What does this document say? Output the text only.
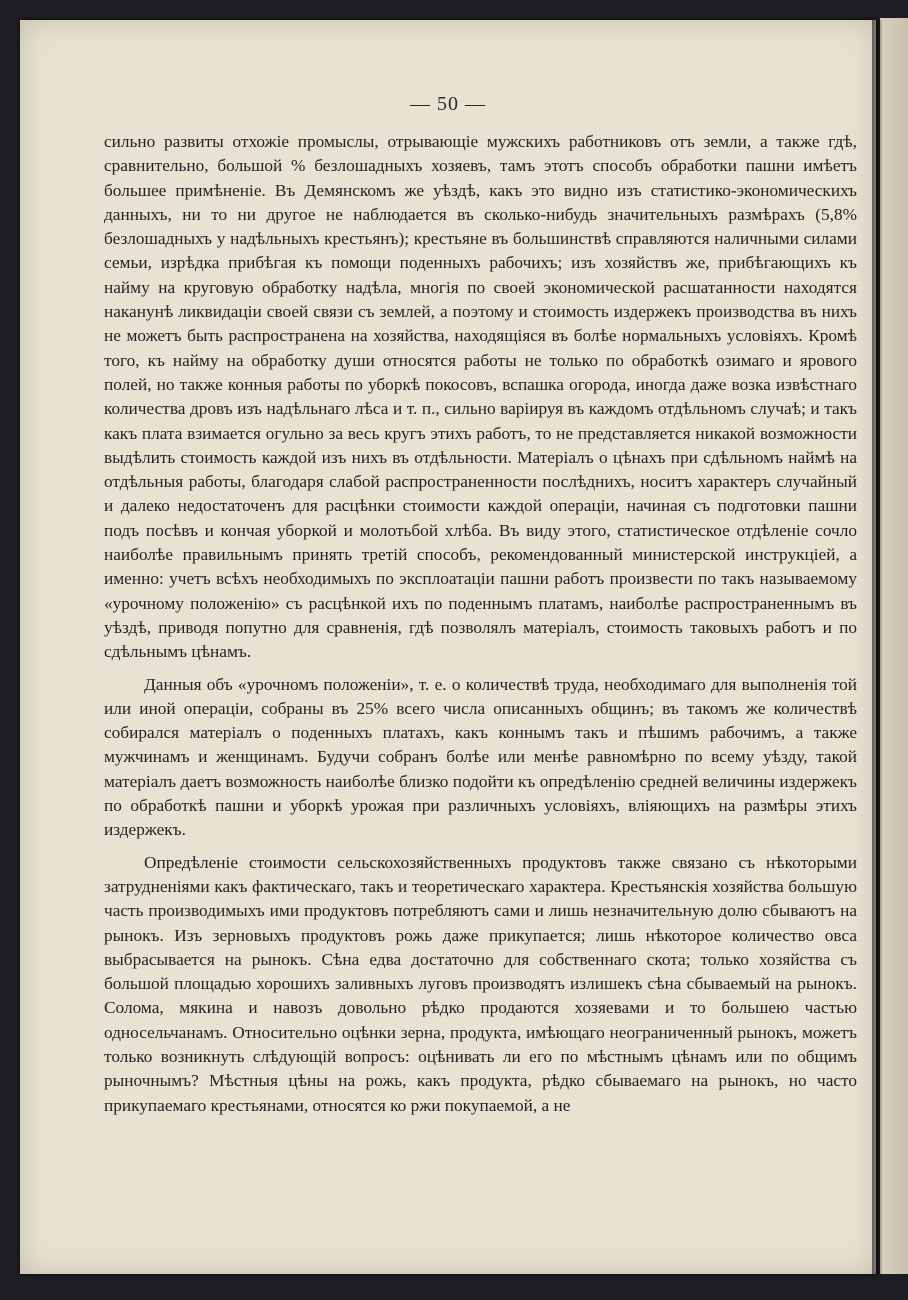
— 50 —

сильно развиты отхожіе промыслы, отрывающіе мужскихъ работниковъ отъ земли, а также гдѣ, сравнительно, большой % безлошадныхъ хозяевъ, тамъ этотъ способъ обработки пашни имѣетъ большее примѣненіе. Въ Демянскомъ же уѣздѣ, какъ это видно изъ статистико-экономическихъ данныхъ, ни то ни другое не наблюдается въ сколько-нибудь значительныхъ размѣрахъ (5,8% безлошадныхъ у надѣльныхъ крестьянъ); крестьяне въ большинствѣ справляются наличными силами семьи, изрѣдка прибѣгая къ помощи поденныхъ рабочихъ; изъ хозяйствъ же, прибѣгающихъ къ найму на круговую обработку надѣла, многія по своей экономической расшатанности находятся наканунѣ ликвидаціи своей связи съ землей, а поэтому и стоимость издержекъ производства въ нихъ не можетъ быть распространена на хозяйства, находящіяся въ болѣе нормальныхъ условіяхъ. Кромѣ того, къ найму на обработку души относятся работы не только по обработкѣ озимаго и ярового полей, но также конныя работы по уборкѣ покосовъ, вспашка огорода, иногда даже возка извѣстнаго количества дровъ изъ надѣльнаго лѣса и т. п., сильно варіируя въ каждомъ отдѣльномъ случаѣ; и такъ какъ плата взимается огульно за весь кругъ этихъ работъ, то не представляется никакой возможности выдѣлить стоимость каждой изъ нихъ въ отдѣльности. Матеріалъ о цѣнахъ при сдѣльномъ наймѣ на отдѣльныя работы, благодаря слабой распространенности послѣднихъ, носитъ характеръ случайный и далеко недостаточенъ для расцѣнки стоимости каждой операціи, начиная съ подготовки пашни подъ посѣвъ и кончая уборкой и молотьбой хлѣба. Въ виду этого, статистическое отдѣленіе сочло наиболѣе правильнымъ принять третій способъ, рекомендованный министерской инструкціей, а именно: учетъ всѣхъ необходимыхъ по эксплоатаціи пашни работъ произвести по такъ называемому «урочному положенію» съ расцѣнкой ихъ по поденнымъ платамъ, наиболѣе распространеннымъ въ уѣздѣ, приводя попутно для сравненія, гдѣ позволялъ матеріалъ, стоимость таковыхъ работъ и по сдѣльнымъ цѣнамъ.

Данныя объ «урочномъ положеніи», т. е. о количествѣ труда, необходимаго для выполненія той или иной операціи, собраны въ 25% всего числа описанныхъ общинъ; въ такомъ же количествѣ собирался матеріалъ о поденныхъ платахъ, какъ коннымъ такъ и пѣшимъ рабочимъ, а также мужчинамъ и женщинамъ. Будучи собранъ болѣе или менѣе равномѣрно по всему уѣзду, такой матеріалъ даетъ возможность наиболѣе близко подойти къ опредѣленію средней величины издержекъ по обработкѣ пашни и уборкѣ урожая при различныхъ условіяхъ, вліяющихъ на размѣры этихъ издержекъ.

Опредѣленіе стоимости сельскохозяйственныхъ продуктовъ также связано съ нѣкоторыми затрудненіями какъ фактическаго, такъ и теоретическаго характера. Крестьянскія хозяйства большую часть производимыхъ ими продуктовъ потребляютъ сами и лишь незначительную долю сбываютъ на рынокъ. Изъ зерновыхъ продуктовъ рожь даже прикупается; лишь нѣкоторое количество овса выбрасывается на рынокъ. Сѣна едва достаточно для собственнаго скота; только хозяйства съ большой площадью хорошихъ заливныхъ луговъ производятъ излишекъ сѣна сбываемый на рынокъ. Солома, мякина и навозъ довольно рѣдко продаются хозяевами и то большею частью односельчанамъ. Относительно оцѣнки зерна, продукта, имѣющаго неограниченный рынокъ, можетъ только возникнуть слѣдующій вопросъ: оцѣнивать ли его по мѣстнымъ цѣнамъ или по общимъ рыночнымъ? Мѣстныя цѣны на рожь, какъ продукта, рѣдко сбываемаго на рынокъ, но часто прикупаемаго крестьянами, относятся ко ржи покупаемой, а не
